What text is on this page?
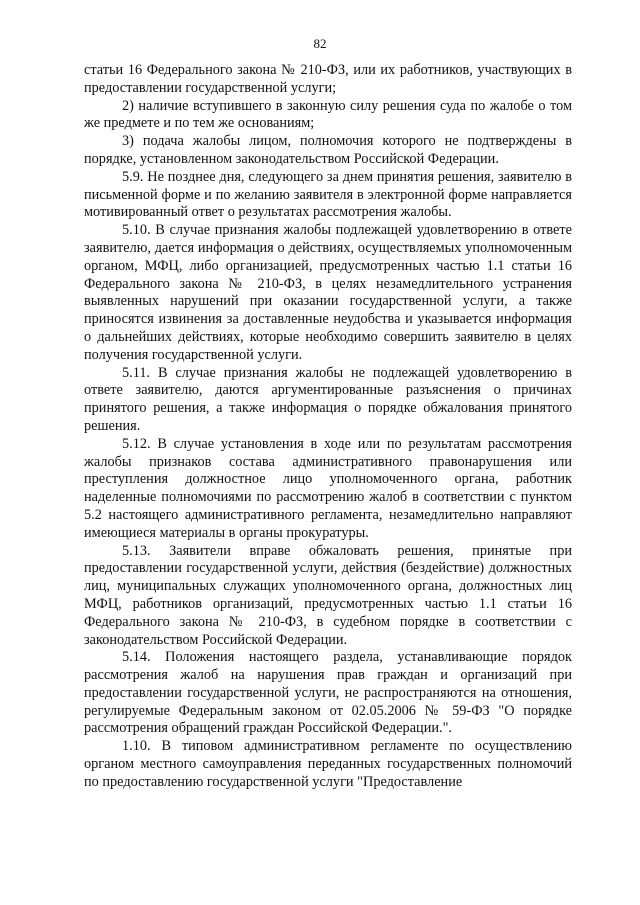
82

статьи 16 Федерального закона № 210-ФЗ, или их работников, участвующих в предоставлении государственной услуги;

2) наличие вступившего в законную силу решения суда по жалобе о том же предмете и по тем же основаниям;

3) подача жалобы лицом, полномочия которого не подтверждены в порядке, установленном законодательством Российской Федерации.

5.9. Не позднее дня, следующего за днем принятия решения, заявителю в письменной форме и по желанию заявителя в электронной форме направляется мотивированный ответ о результатах рассмотрения жалобы.

5.10. В случае признания жалобы подлежащей удовлетворению в ответе заявителю, дается информация о действиях, осуществляемых уполномоченным органом, МФЦ, либо организацией, предусмотренных частью 1.1 статьи 16 Федерального закона № 210-ФЗ, в целях незамедлительного устранения выявленных нарушений при оказании государственной услуги, а также приносятся извинения за доставленные неудобства и указывается информация о дальнейших действиях, которые необходимо совершить заявителю в целях получения государственной услуги.

5.11. В случае признания жалобы не подлежащей удовлетворению в ответе заявителю, даются аргументированные разъяснения о причинах принятого решения, а также информация о порядке обжалования принятого решения.

5.12. В случае установления в ходе или по результатам рассмотрения жалобы признаков состава административного правонарушения или преступления должностное лицо уполномоченного органа, работник наделенные полномочиями по рассмотрению жалоб в соответствии с пунктом 5.2 настоящего административного регламента, незамедлительно направляют имеющиеся материалы в органы прокуратуры.

5.13. Заявители вправе обжаловать решения, принятые при предоставлении государственной услуги, действия (бездействие) должностных лиц, муниципальных служащих уполномоченного органа, должностных лиц МФЦ, работников организаций, предусмотренных частью 1.1 статьи 16 Федерального закона № 210-ФЗ, в судебном порядке в соответствии с законодательством Российской Федерации.

5.14. Положения настоящего раздела, устанавливающие порядок рассмотрения жалоб на нарушения прав граждан и организаций при предоставлении государственной услуги, не распространяются на отношения, регулируемые Федеральным законом от 02.05.2006 № 59-ФЗ "О порядке рассмотрения обращений граждан Российской Федерации.".

1.10. В типовом административном регламенте по осуществлению органом местного самоуправления переданных государственных полномочий по предоставлению государственной услуги "Предоставление
